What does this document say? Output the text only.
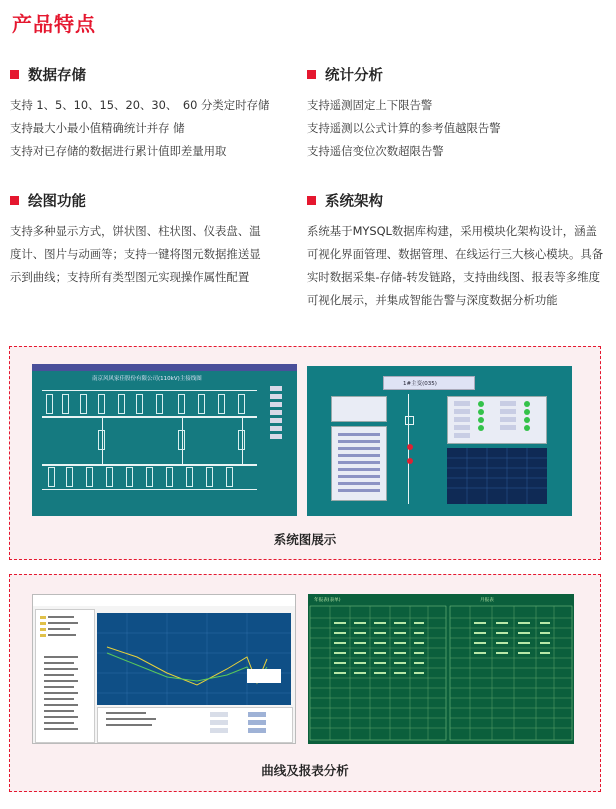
产品特点
数据存储
支持 1、5、10、15、20、30、　60 分类定时存储
支持最大小最小值精确统计并存 储
支持对已存储的数据进行累计值即差量用取
统计分析
支持遥测固定上下限告警
支持遥测以公式计算的参考值越限告警
支持遥信变位次数超限告警
绘图功能
支持多种显示方式，饼状图、柱状图、仪表盘、温
度计、图片与动画等；支持一键将图元数据推送显
示到曲线；支持所有类型图元实现操作属性配置
系统架构
系统基于MYSQL数据库构建，采用模块化架构设计，涵盖
可视化界面管理、数据管理、在线运行三大核心模块。具备
实时数据采集-存储-转发链路，支持曲线图、报表等多维度
可视化展示，并集成智能告警与深度数据分析功能
南京风风家佳股份有限公司(110kV)主接线图
1#主变(035)
系统图展示
年报表(表单)	月报表
曲线及报表分析
